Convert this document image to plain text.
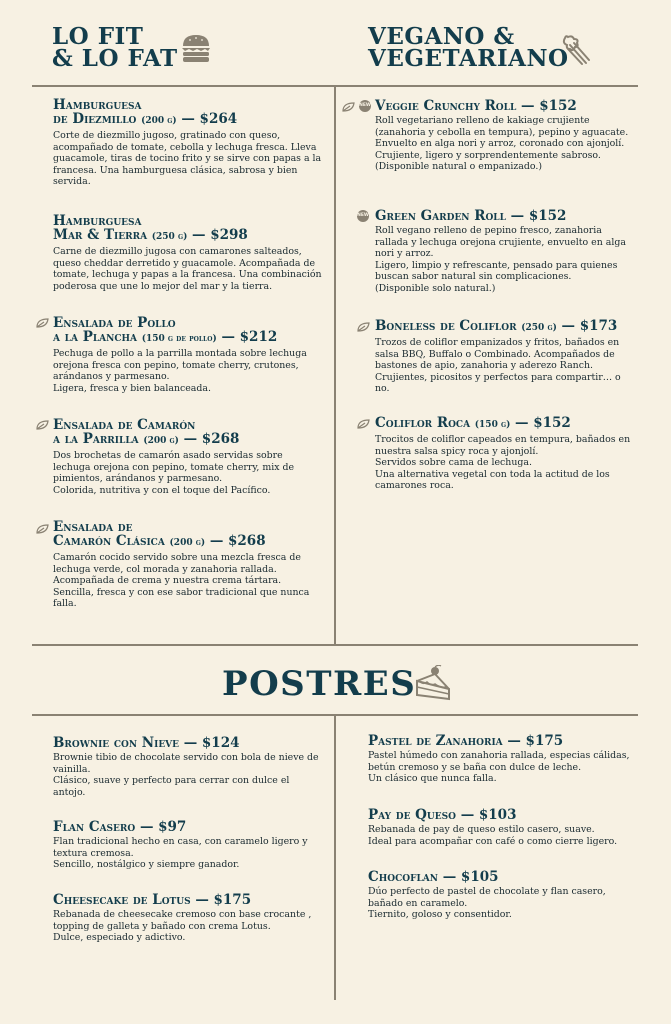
LO FIT
& LO FAT
VEGANO &
VEGETARIANO
Hamburguesa
de Diezmillo (200 g) — $264

Corte de diezmillo jugoso, gratinado con queso, acompañado de tomate, cebolla y lechuga fresca. Lleva guacamole, tiras de tocino frito y se sirve con papas a la francesa. Una hamburguesa clásica, sabrosa y bien servida.

Hamburguesa
Mar & Tierra (250 g) — $298

Carne de diezmillo jugosa con camarones salteados, queso cheddar derretido y guacamole. Acompañada de tomate, lechuga y papas a la francesa. Una combinación poderosa que une lo mejor del mar y la tierra.

Ensalada de Pollo
a la Plancha (150 g de pollo) — $212

Pechuga de pollo a la parrilla montada sobre lechuga orejona fresca con pepino, tomate cherry, crutones, arándanos y parmesano.

Ligera, fresca y bien balanceada.

Ensalada de Camarón
a la Parrilla (200 g) — $268

Dos brochetas de camarón asado servidas sobre lechuga orejona con pepino, tomate cherry, mix de pimientos, arándanos y parmesano.

Colorida, nutritiva y con el toque del Pacífico.

Ensalada de
Camarón Clásica (200 g) — $268

Camarón cocido servido sobre una mezcla fresca de lechuga verde, col morada y zanahoria rallada. Acompañada de crema y nuestra crema tártara. Sencilla, fresca y con ese sabor tradicional que nunca falla.

NEW Veggie Crunchy Roll — $152

Roll vegetariano relleno de kakiage crujiente (zanahoria y cebolla en tempura), pepino y aguacate. Envuelto en alga nori y arroz, coronado con ajonjolí.

Crujiente, ligero y sorprendentemente sabroso.

(Disponible natural o empanizado.)

NEW Green Garden Roll — $152

Roll vegano relleno de pepino fresco, zanahoria rallada y lechuga orejona crujiente, envuelto en alga nori y arroz.

Ligero, limpio y refrescante, pensado para quienes buscan sabor natural sin complicaciones.

(Disponible solo natural.)

Boneless de Coliflor (250 g) — $173

Trozos de coliflor empanizados y fritos, bañados en salsa BBQ, Buffalo o Combinado. Acompañados de bastones de apio, zanahoria y aderezo Ranch.

Crujientes, picositos y perfectos para compartir… o no.

Coliflor Roca (150 g) — $152

Trocitos de coliflor capeados en tempura, bañados en nuestra salsa spicy roca y ajonjolí.

Servidos sobre cama de lechuga.

Una alternativa vegetal con toda la actitud de los camarones roca.

POSTRES
Brownie con Nieve — $124

Brownie tibio de chocolate servido con bola de nieve de vainilla.

Clásico, suave y perfecto para cerrar con dulce el antojo.

Flan Casero — $97

Flan tradicional hecho en casa, con caramelo ligero y textura cremosa.

Sencillo, nostálgico y siempre ganador.

Cheesecake de Lotus — $175

Rebanada de cheesecake cremoso con base crocante , topping de galleta y bañado con crema Lotus.

Dulce, especiado y adictivo.

Pastel de Zanahoria — $175

Pastel húmedo con zanahoria rallada, especias cálidas, betún cremoso y se baña con dulce de leche.

Un clásico que nunca falla.

Pay de Queso — $103

Rebanada de pay de queso estilo casero, suave.

Ideal para acompañar con café o como cierre ligero.

Chocoflan — $105

Dúo perfecto de pastel de chocolate y flan casero, bañado en caramelo.

Tiernito, goloso y consentidor.
